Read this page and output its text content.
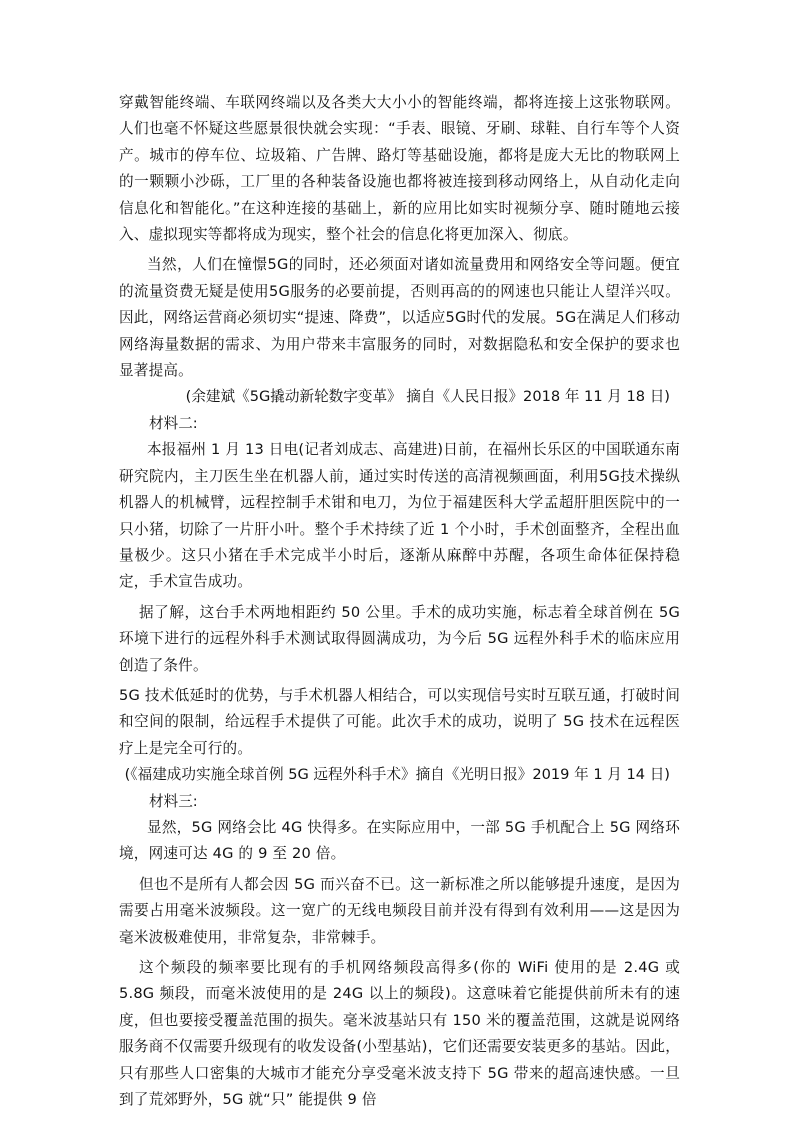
穿戴智能终端、车联网终端以及各类大大小小的智能终端，都将连接上这张物联网。人们也毫不怀疑这些愿景很快就会实现：“手表、眼镜、牙刷、球鞋、自行车等个人资产。城市的停车位、垃圾箱、广告牌、路灯等基础设施，都将是庞大无比的物联网上的一颗颗小沙砾，工厂里的各种装备设施也都将被连接到移动网络上，从自动化走向信息化和智能化。”在这种连接的基础上，新的应用比如实时视频分享、随时随地云接入、虚拟现实等都将成为现实，整个社会的信息化将更加深入、彻底。

当然，人们在憧憬5G的同时，还必须面对诸如流量费用和网络安全等问题。便宜的流量资费无疑是使用5G服务的必要前提，否则再高的的网速也只能让人望洋兴叹。因此，网络运营商必须切实“提速、降费”，以适应5G时代的发展。5G在满足人们移动网络海量数据的需求、为用户带来丰富服务的同时，对数据隐私和安全保护的要求也显著提高。

(余建斌《5G撬动新轮数字变革》 摘自《人民日报》2018 年 11 月 18 日)

材料二:

本报福州 1 月 13 日电(记者刘成志、高建进)日前，在福州长乐区的中国联通东南研究院内，主刀医生坐在机器人前，通过实时传送的高清视频画面，利用5G技术操纵机器人的机械臂，远程控制手术钳和电刀，为位于福建医科大学孟超肝胆医院中的一只小猪，切除了一片肝小叶。整个手术持续了近 1 个小时，手术创面整齐，全程出血量极少。这只小猪在手术完成半小时后，逐渐从麻醉中苏醒，各项生命体征保持稳定，手术宣告成功。

据了解，这台手术两地相距约 50 公里。手术的成功实施，标志着全球首例在 5G 环境下进行的远程外科手术测试取得圆满成功，为今后 5G 远程外科手术的临床应用创造了条件。

5G 技术低延时的优势，与手术机器人相结合，可以实现信号实时互联互通，打破时间和空间的限制，给远程手术提供了可能。此次手术的成功，说明了 5G 技术在远程医疗上是完全可行的。

(《福建成功实施全球首例 5G 远程外科手术》摘自《光明日报》2019 年 1 月 14 日)

材料三:

显然，5G 网络会比 4G 快得多。在实际应用中，一部 5G 手机配合上 5G 网络环境，网速可达 4G 的 9 至 20 倍。

但也不是所有人都会因 5G 而兴奋不已。这一新标准之所以能够提升速度，是因为需要占用毫米波频段。这一宽广的无线电频段目前并没有得到有效利用——这是因为毫米波极难使用，非常复杂，非常棘手。

这个频段的频率要比现有的手机网络频段高得多(你的 WiFi 使用的是 2.4G 或 5.8G 频段，而毫米波使用的是 24G 以上的频段)。这意味着它能提供前所未有的速度，但也要接受覆盖范围的损失。毫米波基站只有 150 米的覆盖范围，这就是说网络服务商不仅需要升级现有的收发设备(小型基站)，它们还需要安装更多的基站。因此，只有那些人口密集的大城市才能充分享受毫米波支持下 5G 带来的超高速快感。一旦到了荒郊野外，5G 就“只” 能提供 9 倍
